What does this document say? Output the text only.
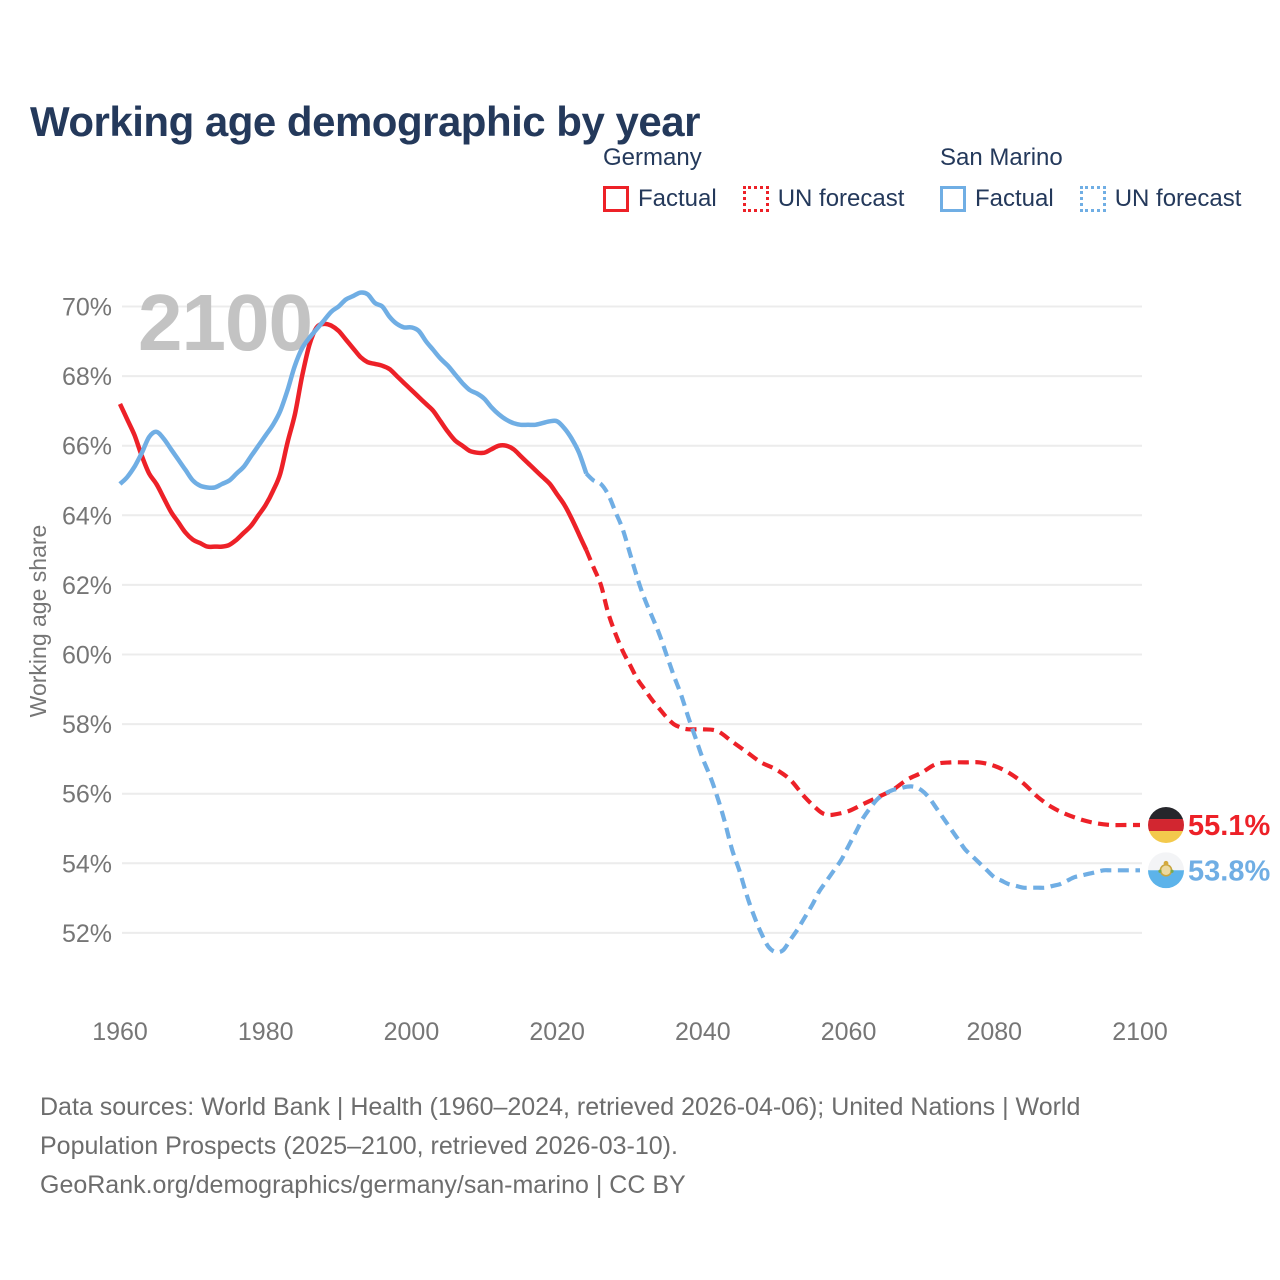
Working age demographic by year
Germany
Factual	UN forecast
San Marino
Factual	UN forecast
2100
70%
68%
66%
64%
62%
60%
58%
56%
54%
52%
1960	1980	2000	2020	2040	2060	2080	2100
Working age share
55.1%
53.8%
Data sources: World Bank | Health (1960–2024, retrieved 2026-04-06); United Nations | World
Population Prospects (2025–2100, retrieved 2026-03-10).
GeoRank.org/demographics/germany/san-marino | CC BY
